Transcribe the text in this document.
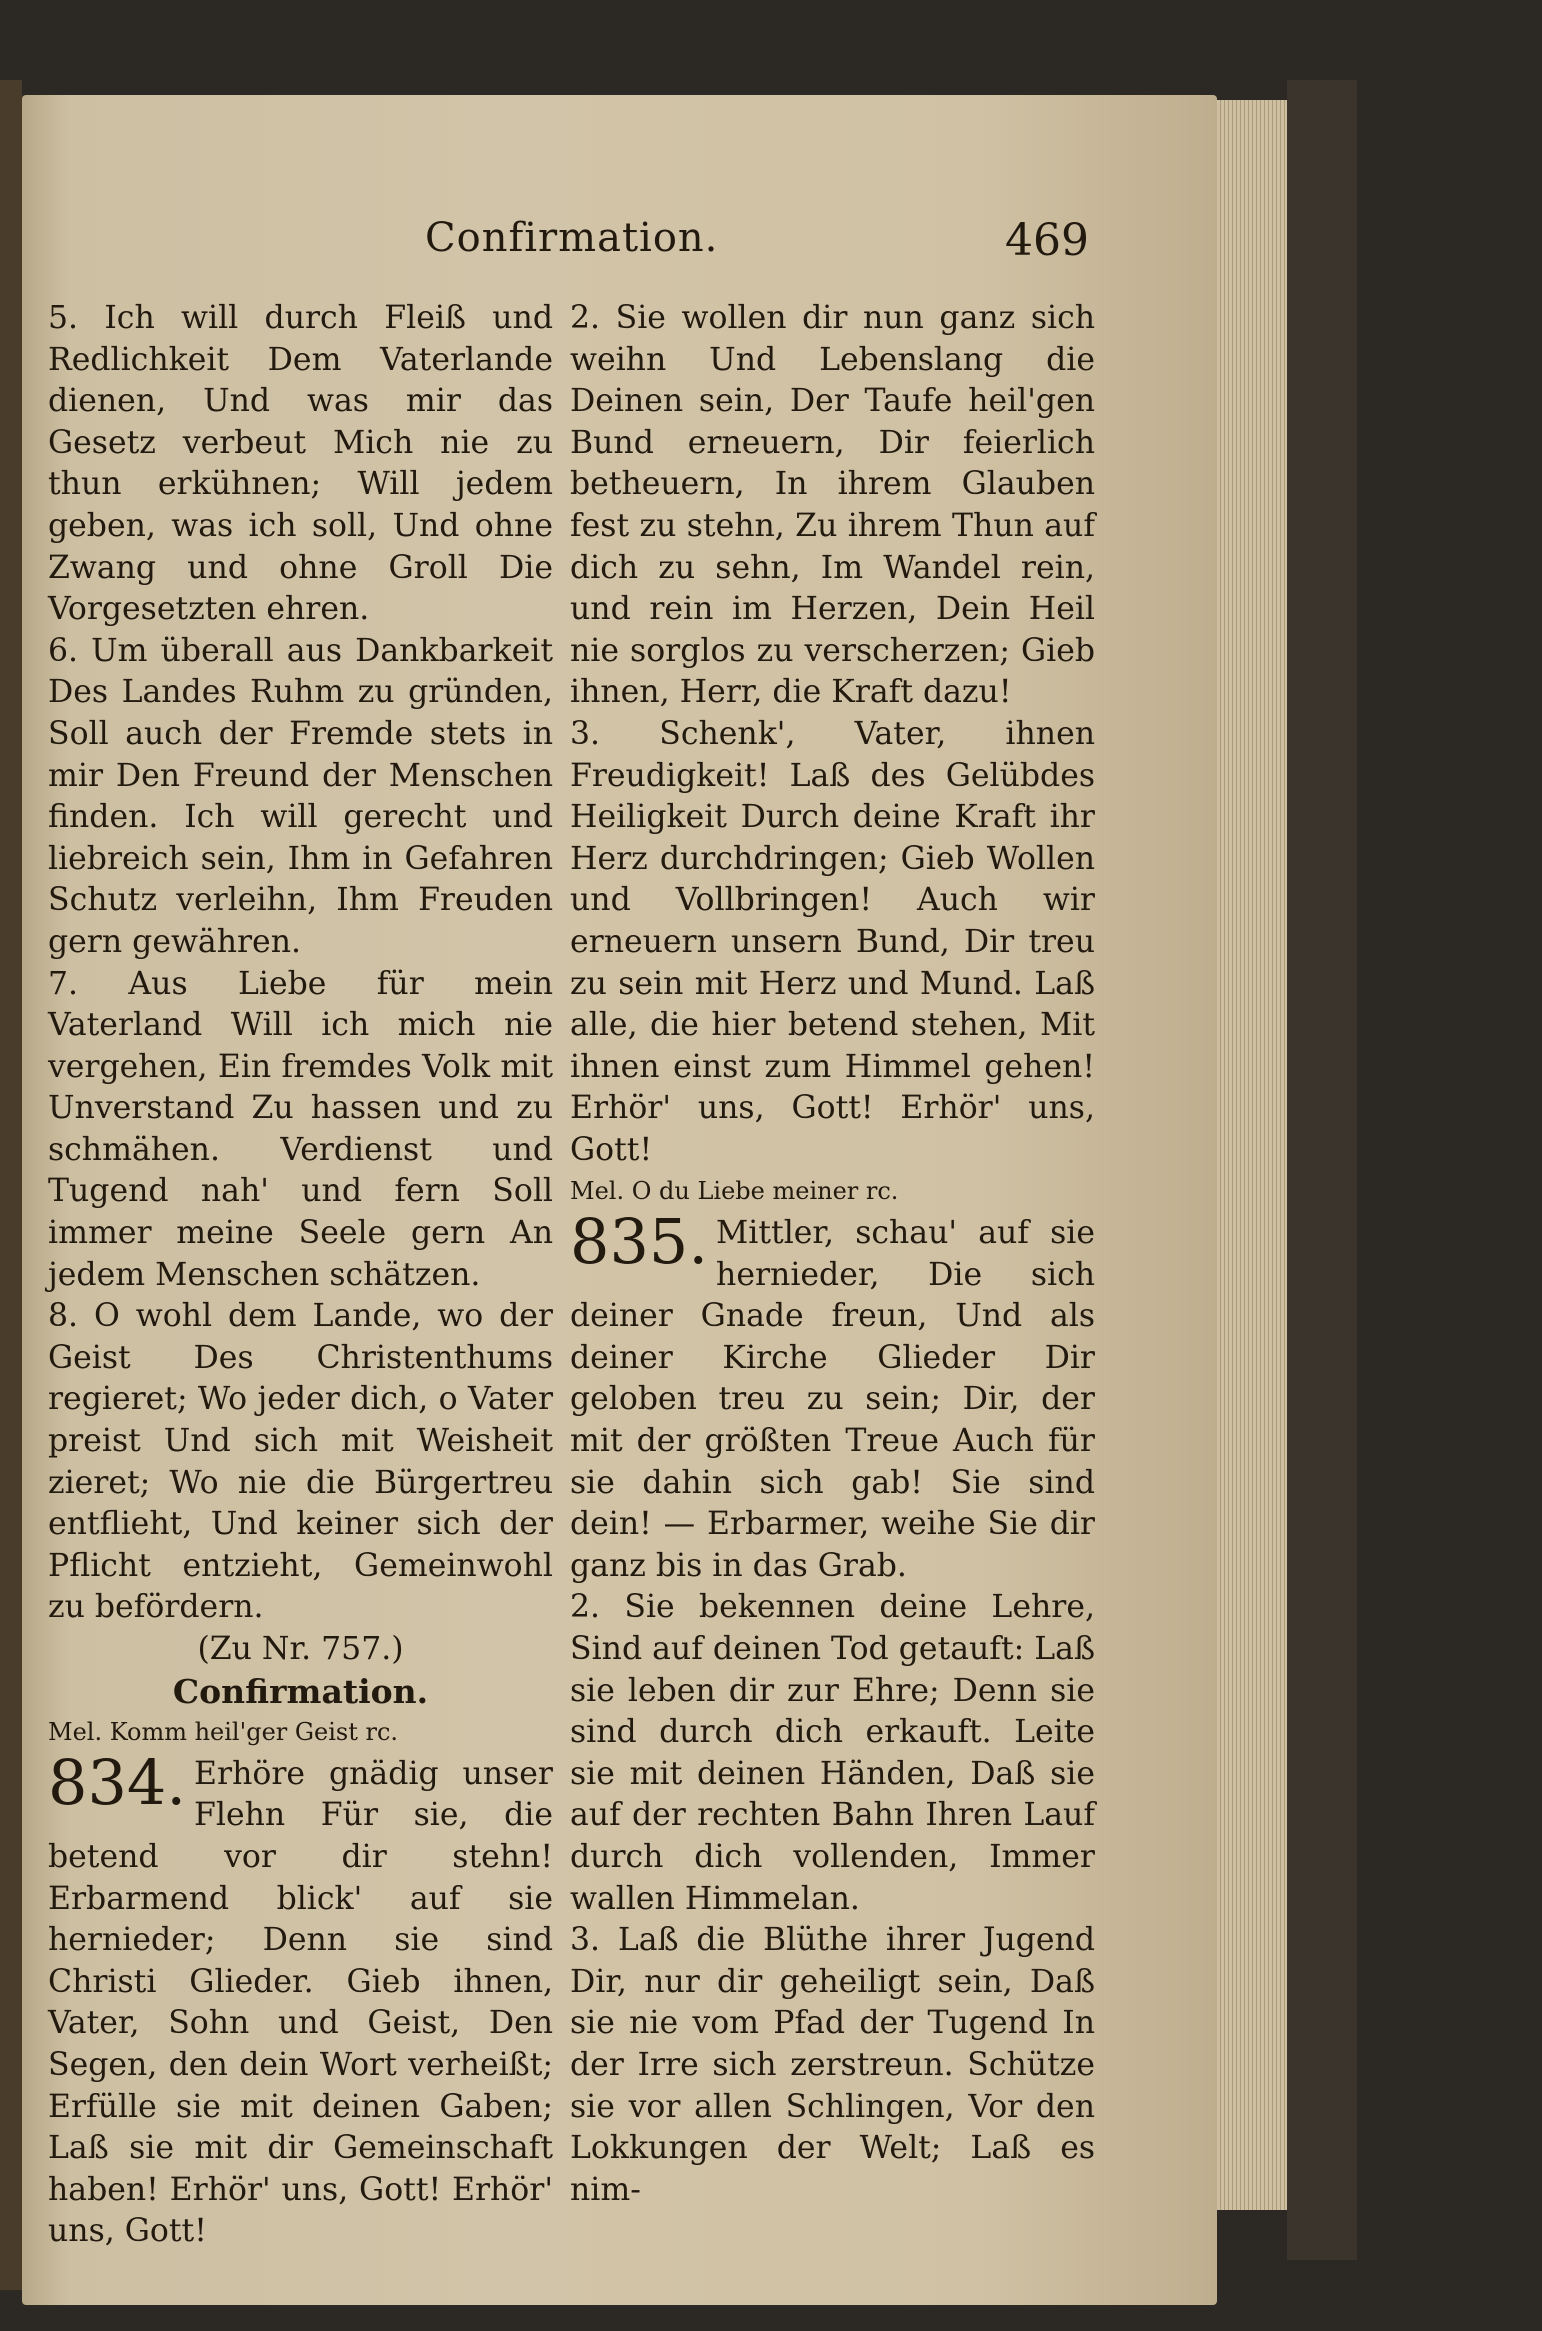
Confirmation.	469

5. Ich will durch Fleiß und Redlichkeit Dem Vaterlande dienen, Und was mir das Gesetz verbeut Mich nie zu thun erkühnen; Will jedem geben, was ich soll, Und ohne Zwang und ohne Groll Die Vorgesetzten ehren.

6. Um überall aus Dankbarkeit Des Landes Ruhm zu gründen, Soll auch der Fremde stets in mir Den Freund der Menschen finden. Ich will gerecht und liebreich sein, Ihm in Gefahren Schutz verleihn, Ihm Freuden gern gewähren.

7. Aus Liebe für mein Vaterland Will ich mich nie vergehen, Ein fremdes Volk mit Unverstand Zu hassen und zu schmähen. Verdienst und Tugend nah' und fern Soll immer meine Seele gern An jedem Menschen schätzen.

8. O wohl dem Lande, wo der Geist Des Christenthums regieret; Wo jeder dich, o Vater preist Und sich mit Weisheit zieret; Wo nie die Bürgertreu entflieht, Und keiner sich der Pflicht entzieht, Gemeinwohl zu befördern.

(Zu Nr. 757.)

Confirmation.

Mel. Komm heil'ger Geist rc.

834. Erhöre gnädig unser Flehn Für sie, die betend vor dir stehn! Erbarmend blick' auf sie hernieder; Denn sie sind Christi Glieder. Gieb ihnen, Vater, Sohn und Geist, Den Segen, den dein Wort verheißt; Erfülle sie mit deinen Gaben; Laß sie mit dir Gemeinschaft haben! Erhör' uns, Gott! Erhör' uns, Gott!

2. Sie wollen dir nun ganz sich weihn Und Lebenslang die Deinen sein, Der Taufe heil'gen Bund erneuern, Dir feierlich betheuern, In ihrem Glauben fest zu stehn, Zu ihrem Thun auf dich zu sehn, Im Wandel rein, und rein im Herzen, Dein Heil nie sorglos zu verscherzen; Gieb ihnen, Herr, die Kraft dazu!

3. Schenk', Vater, ihnen Freudigkeit! Laß des Gelübdes Heiligkeit Durch deine Kraft ihr Herz durchdringen; Gieb Wollen und Vollbringen! Auch wir erneuern unsern Bund, Dir treu zu sein mit Herz und Mund. Laß alle, die hier betend stehen, Mit ihnen einst zum Himmel gehen! Erhör' uns, Gott! Erhör' uns, Gott!

Mel. O du Liebe meiner rc.

835. Mittler, schau' auf sie hernieder, Die sich deiner Gnade freun, Und als deiner Kirche Glieder Dir geloben treu zu sein; Dir, der mit der größten Treue Auch für sie dahin sich gab! Sie sind dein! — Erbarmer, weihe Sie dir ganz bis in das Grab.

2. Sie bekennen deine Lehre, Sind auf deinen Tod getauft: Laß sie leben dir zur Ehre; Denn sie sind durch dich erkauft. Leite sie mit deinen Händen, Daß sie auf der rechten Bahn Ihren Lauf durch dich vollenden, Immer wallen Himmelan.

3. Laß die Blüthe ihrer Jugend Dir, nur dir geheiligt sein, Daß sie nie vom Pfad der Tugend In der Irre sich zerstreun. Schütze sie vor allen Schlingen, Vor den Lokkungen der Welt; Laß es nim-
